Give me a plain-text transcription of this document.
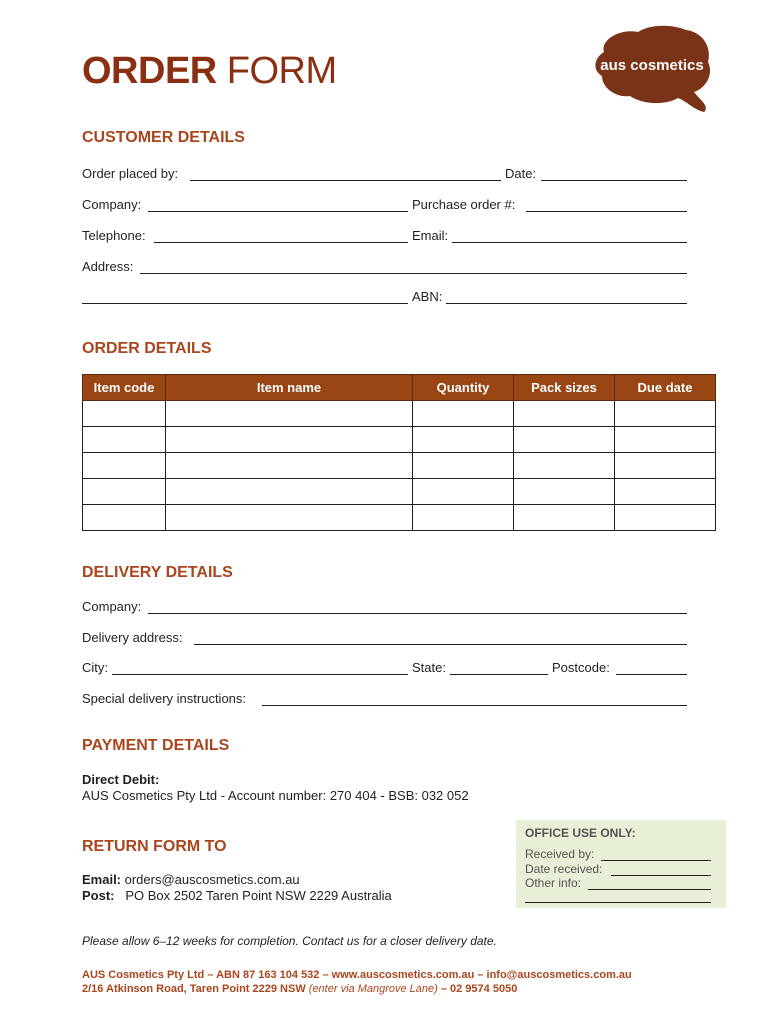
ORDER FORM	aus cosmetics
CUSTOMER DETAILS
Order placed by:	Date:
Company:	Purchase order #:
Telephone:	Email:
Address:
ABN:
ORDER DETAILS
Item code	Item name	Quantity	Pack sizes	Due date

DELIVERY DETAILS
Company:
Delivery address:
City:	State:	Postcode:
Special delivery instructions:
PAYMENT DETAILS
Direct Debit:
AUS Cosmetics Pty Ltd - Account number: 270 404 - BSB: 032 052
RETURN FORM TO
Email: orders@auscosmetics.com.au
Post:   PO Box 2502 Taren Point NSW 2229 Australia
OFFICE USE ONLY:
Received by:
Date received:
Other info:
Please allow 6–12 weeks for completion. Contact us for a closer delivery date.
AUS Cosmetics Pty Ltd – ABN 87 163 104 532 – www.auscosmetics.com.au – info@auscosmetics.com.au
2/16 Atkinson Road, Taren Point 2229 NSW (enter via Mangrove Lane) – 02 9574 5050
